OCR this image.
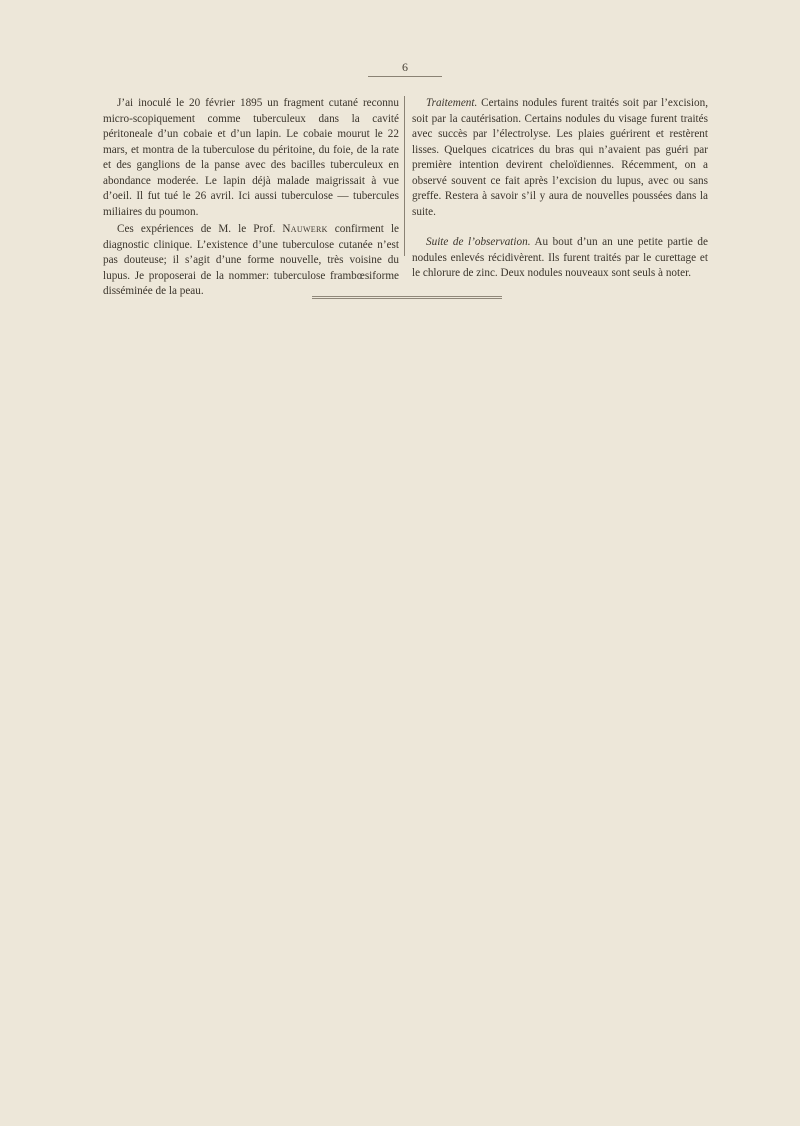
6

J’ai inoculé le 20 février 1895 un fragment cutané reconnu micro-scopiquement comme tuberculeux dans la cavité péritoneale d’un cobaie et d’un lapin. Le cobaie mourut le 22 mars, et montra de la tuberculose du péritoine, du foie, de la rate et des ganglions de la panse avec des bacilles tuberculeux en abondance moderée. Le lapin déjà malade maigrissait à vue d’oeil. Il fut tué le 26 avril. Ici aussi tuberculose — tubercules miliaires du poumon.

Ces expériences de M. le Prof. Nauwerk confirment le diagnostic clinique. L’existence d’une tuberculose cutanée n’est pas douteuse; il s’agit d’une forme nouvelle, très voisine du lupus. Je proposerai de la nommer: tuberculose frambœsiforme disséminée de la peau.

Traitement. Certains nodules furent traités soit par l’excision, soit par la cautérisation. Certains nodules du visage furent traités avec succès par l’électrolyse. Les plaies guérirent et restèrent lisses. Quelques cicatrices du bras qui n’avaient pas guéri par première intention devirent cheloïdiennes. Récemment, on a observé souvent ce fait après l’excision du lupus, avec ou sans greffe. Restera à savoir s’il y aura de nouvelles poussées dans la suite.

Suite de l’observation. Au bout d’un an une petite partie de nodules enlevés récidivèrent. Ils furent traités par le curettage et le chlorure de zinc. Deux nodules nouveaux sont seuls à noter.
